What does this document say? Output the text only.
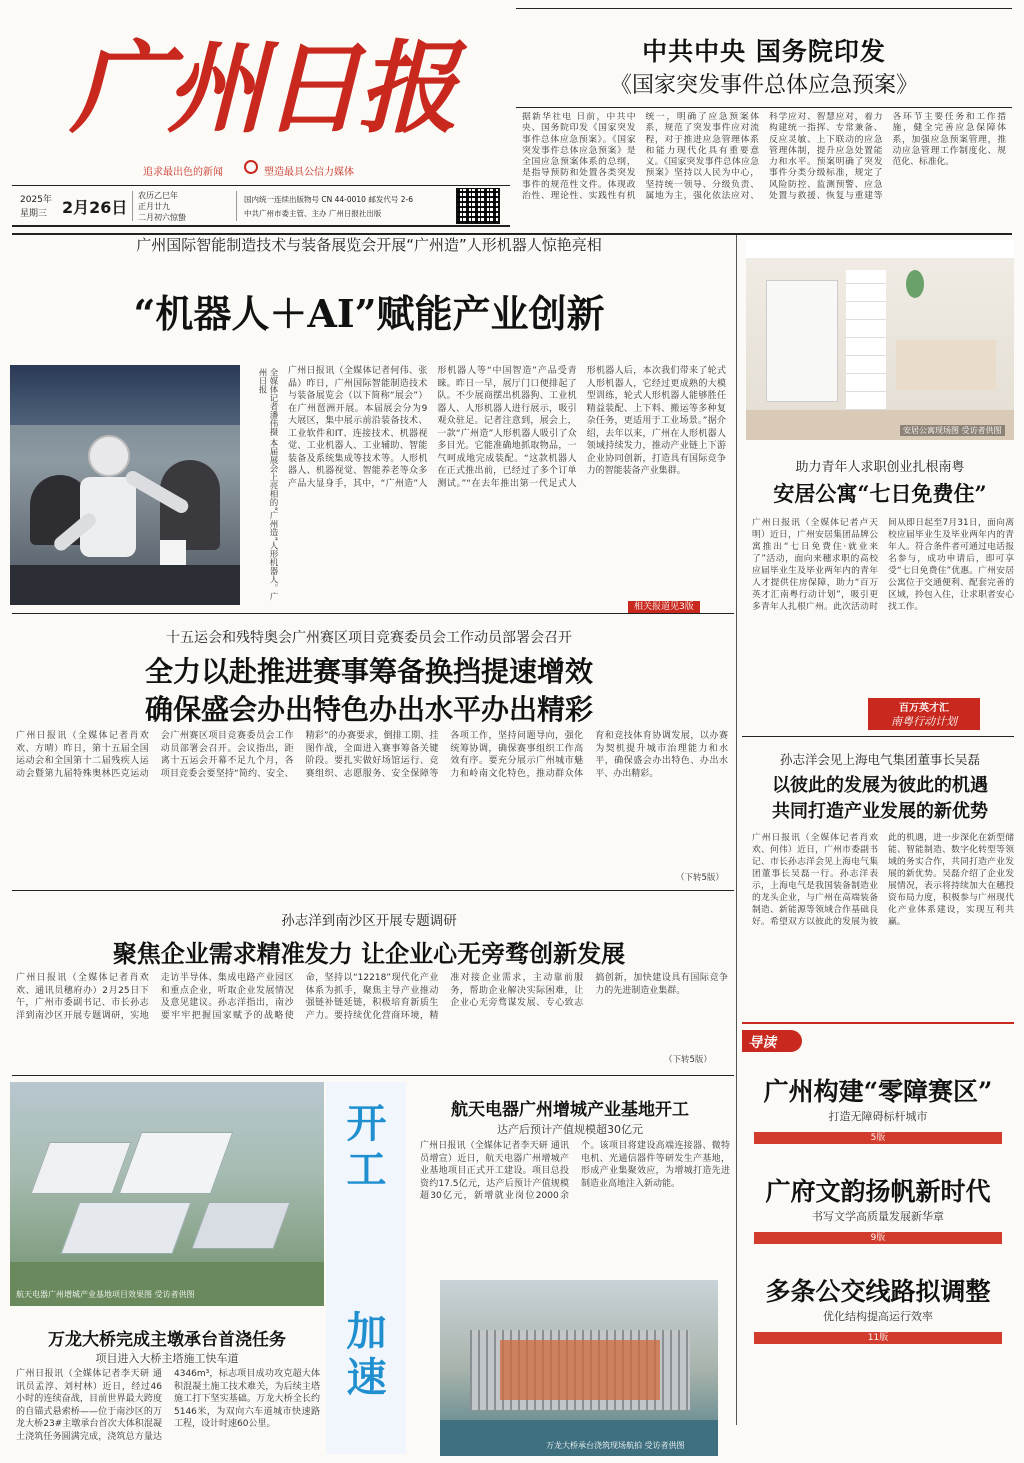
广州日报
追求最出色的新闻	塑造最具公信力媒体
2025年
星期三 2月26日
农历乙巳年
正月廿九
二月初六惊蛰
国内统一连续出版物号 CN 44-0010 邮发代号 2-6
中共广州市委主管、主办 广州日报社出版
中共中央 国务院印发
《国家突发事件总体应急预案》
据新华社电 日前，中共中央、国务院印发《国家突发事件总体应急预案》。《国家突发事件总体应急预案》是全国应急预案体系的总纲，是指导预防和处置各类突发事件的规范性文件。体现政治性、理论性、实践性有机统一，明确了应急预案体系，规范了突发事件应对流程，对于推进应急管理体系和能力现代化具有重要意义。《国家突发事件总体应急预案》坚持以人民为中心，坚持统一领导、分级负责、属地为主，强化依法应对、科学应对、智慧应对，着力构建统一指挥、专常兼备、反应灵敏、上下联动的应急管理体制，提升应急处置能力和水平。预案明确了突发事件分类分级标准，规定了风险防控、监测预警、应急处置与救援、恢复与重建等各环节主要任务和工作措施，健全完善应急保障体系，加强应急预案管理，推动应急管理工作制度化、规范化、标准化。
广州国际智能制造技术与装备展览会开展“广州造”人形机器人惊艳亮相
“机器人＋AI”赋能产业创新
全媒体记者潘伟摄 本届展会上亮相的“广州造”人形机器人。广州日报	广州日报讯（全媒体记者何伟、张晶）昨日，广州国际智能制造技术与装备展览会（以下简称“展会”）在广州琶洲开展。本届展会分为9大展区，集中展示前沿装备技术、工业软件和IT、连接技术、机器视觉、工业机器人、工业辅助、智能装备及系统集成等技术等。人形机器人、机器视觉、智能养老等众多产品大显身手，其中，“广州造”人形机器人等“中国智造”产品受青睐。昨日一早，展厅门口便排起了队。不少展商摆出机器狗、工业机器人、人形机器人进行展示，吸引观众驻足。记者注意到，展会上，一款“广州造”人形机器人吸引了众多目光。它能准确地抓取物品，一气呵成地完成装配。“这款机器人在正式推出前，已经过了多个订单测试。”“在去年推出第一代足式人形机器人后，本次我们带来了轮式人形机器人，它经过更成熟的大模型训练，轮式人形机器人能够胜任精益装配、上下料、搬运等多种复杂任务，更适用于工业场景。”据介绍，去年以来，广州在人形机器人领域持续发力，推动产业链上下游企业协同创新，打造具有国际竞争力的智能装备产业集群。
相关报道见3版
安居公寓现场图 受访者供图
助力青年人求职创业扎根南粤
安居公寓“七日免费住”
广州日报讯（全媒体记者卢天明）近日，广州安居集团品牌公寓推出“七日免费住·就业来了”活动，面向来穗求职的高校应届毕业生及毕业两年内的青年人才提供住房保障，助力“百万英才汇南粤行动计划”，吸引更多青年人扎根广州。此次活动时间从即日起至7月31日，面向离校应届毕业生及毕业两年内的青年人。符合条件者可通过电话报名参与，成功申请后，即可享受“七日免费住”优惠。广州安居公寓位于交通便利、配套完善的区域，拎包入住，让求职者安心找工作。
百万英才汇
南粤行动计划
孙志洋会见上海电气集团董事长吴磊
以彼此的发展为彼此的机遇
共同打造产业发展的新优势
广州日报讯（全媒体记者肖欢欢、何伟）近日，广州市委副书记、市长孙志洋会见上海电气集团董事长吴磊一行。孙志洋表示，上海电气是我国装备制造业的龙头企业，与广州在高端装备制造、新能源等领域合作基础良好。希望双方以彼此的发展为彼此的机遇，进一步深化在新型储能、智能制造、数字化转型等领域的务实合作，共同打造产业发展的新优势。吴磊介绍了企业发展情况，表示将持续加大在穗投资布局力度，积极参与广州现代化产业体系建设，实现互利共赢。
十五运会和残特奥会广州赛区项目竞赛委员会工作动员部署会召开
全力以赴推进赛事筹备换挡提速增效
确保盛会办出特色办出水平办出精彩
广州日报讯（全媒体记者肖欢欢、方晴）昨日，第十五届全国运动会和全国第十二届残疾人运动会暨第九届特殊奥林匹克运动会广州赛区项目竞赛委员会工作动员部署会召开。会议指出，距离十五运会开幕不足九个月，各项目竞委会要坚持“简约、安全、精彩”的办赛要求，倒排工期、挂图作战，全面进入赛事筹备关键阶段。要扎实做好场馆运行、竞赛组织、志愿服务、安全保障等各项工作，坚持问题导向，强化统筹协调，确保赛事组织工作高效有序。要充分展示广州城市魅力和岭南文化特色，推动群众体育和竞技体育协调发展，以办赛为契机提升城市治理能力和水平，确保盛会办出特色、办出水平、办出精彩。
（下转5版）
孙志洋到南沙区开展专题调研
聚焦企业需求精准发力 让企业心无旁骛创新发展
广州日报讯（全媒体记者肖欢欢、通讯员穗府办）2月25日下午，广州市委副书记、市长孙志洋到南沙区开展专题调研，实地走访半导体、集成电路产业园区和重点企业，听取企业发展情况及意见建议。孙志洋指出，南沙要牢牢把握国家赋予的战略使命，坚持以“12218”现代化产业体系为抓手，聚焦主导产业推动强链补链延链，积极培育新质生产力。要持续优化营商环境，精准对接企业需求，主动靠前服务，帮助企业解决实际困难，让企业心无旁骛谋发展、专心致志搞创新，加快建设具有国际竞争力的先进制造业集群。
（下转5版）
航天电器广州增城产业基地项目效果图 受访者供图
开工
加速
航天电器广州增城产业基地开工
达产后预计产值规模超30亿元
广州日报讯（全媒体记者李天研 通讯员增宣）近日，航天电器广州增城产业基地项目正式开工建设。项目总投资约17.5亿元，达产后预计产值规模超30亿元，新增就业岗位2000余个。该项目将建设高端连接器、微特电机、光通信器件等研发生产基地，形成产业集聚效应，为增城打造先进制造业高地注入新动能。
万龙大桥完成主墩承台首浇任务
项目进入大桥主塔施工快车道
广州日报讯（全媒体记者李天研 通讯员孟淳、刘村林）近日，经过46小时的连续奋战，目前世界最大跨度的自锚式悬索桥——位于南沙区的万龙大桥23#主墩承台首次大体积混凝土浇筑任务圆满完成，浇筑总方量达4346m³，标志项目成功攻克超大体积混凝土施工技术难关，为后续主塔施工打下坚实基础。万龙大桥全长约5146米，为双向六车道城市快速路工程，设计时速60公里。
万龙大桥承台浇筑现场航拍 受访者供图
导读
广州构建“零障赛区”
打造无障碍标杆城市
5版
广府文韵扬帆新时代
书写文学高质量发展新华章
9版
多条公交线路拟调整
优化结构提高运行效率
11版
